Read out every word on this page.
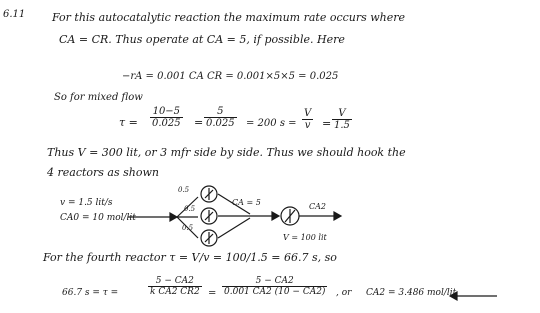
6.11 For this autocatalytic reaction the maximum rate occurs where
CA = CR. Thus operate at CA = 5, if possible. Here
−rA = 0.001 CA CR = 0.001×5×5 = 0.025
So for mixed flow
$\tau = \frac{10-5}{0.025} = \frac{5}{0.025} = 200$ $s = \frac{V}{v} = \frac{V}{1.5}$
Thus V = 300 lit, or 3 mfr side by side. Thus we should hook the
4 reactors as shown
v = 1.5 lit/s
CA0 = 10 mol/lit
0.5
0.5
0.5
CA = 5	CA2
V = 100 lit
For the fourth reactor τ = V/v = 100/1.5 = 66.7 s, so
66.7 s = τ =	$\frac{5 - CA2}{\text{k CA2 CR2}} = \frac{5 - CA2}{0.001 CA2 (10 - CA2)}$ , or CA2 = 3.486 mol/lit
